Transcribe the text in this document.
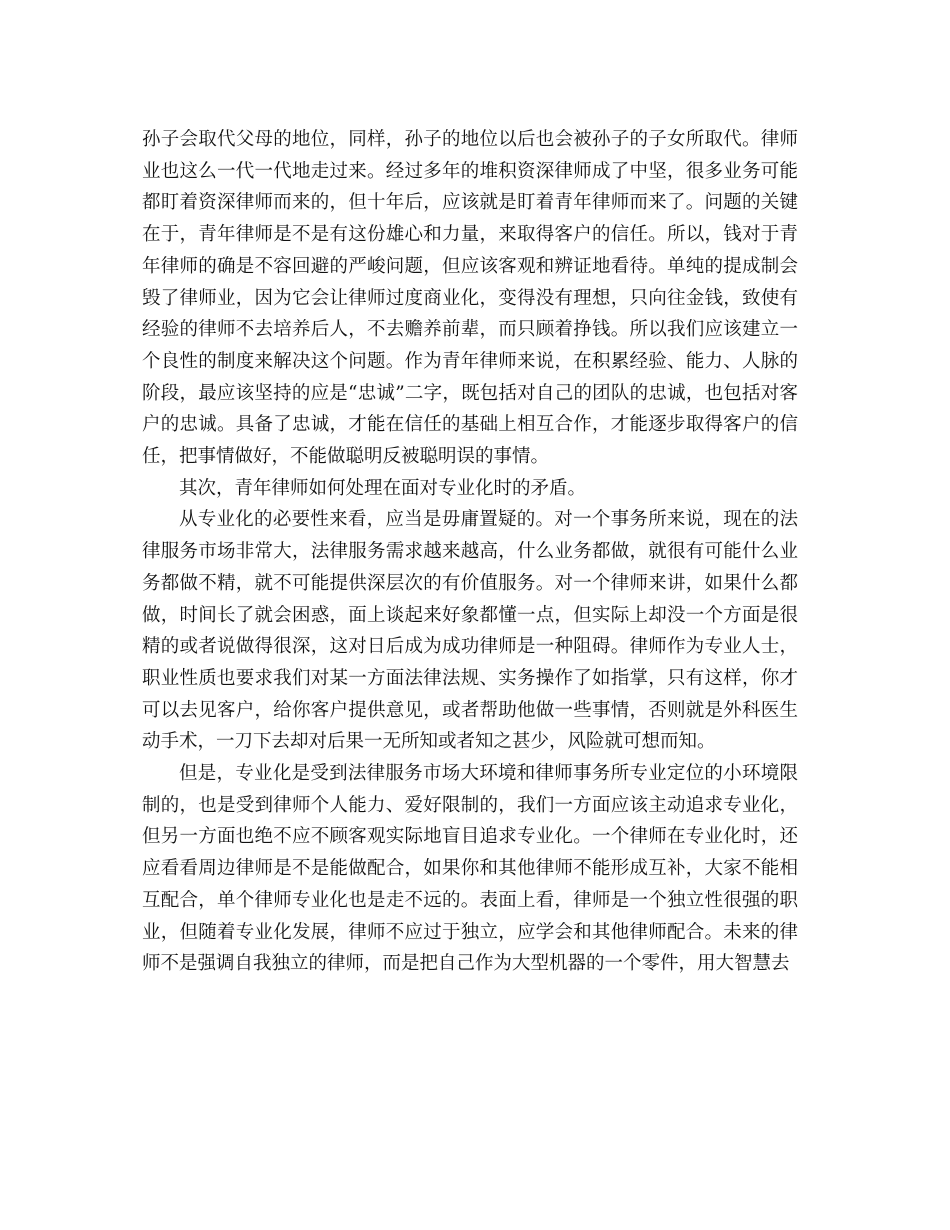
孙子会取代父母的地位，同样，孙子的地位以后也会被孙子的子女所取代。律师业也这么一代一代地走过来。经过多年的堆积资深律师成了中坚，很多业务可能都盯着资深律师而来的，但十年后，应该就是盯着青年律师而来了。问题的关键在于，青年律师是不是有这份雄心和力量，来取得客户的信任。所以，钱对于青年律师的确是不容回避的严峻问题，但应该客观和辨证地看待。单纯的提成制会毁了律师业，因为它会让律师过度商业化，变得没有理想，只向往金钱，致使有经验的律师不去培养后人，不去赡养前辈，而只顾着挣钱。所以我们应该建立一个良性的制度来解决这个问题。作为青年律师来说，在积累经验、能力、人脉的阶段，最应该坚持的应是“忠诚”二字，既包括对自己的团队的忠诚，也包括对客户的忠诚。具备了忠诚，才能在信任的基础上相互合作，才能逐步取得客户的信任，把事情做好，不能做聪明反被聪明误的事情。

其次，青年律师如何处理在面对专业化时的矛盾。

从专业化的必要性来看，应当是毋庸置疑的。对一个事务所来说，现在的法律服务市场非常大，法律服务需求越来越高，什么业务都做，就很有可能什么业务都做不精，就不可能提供深层次的有价值服务。对一个律师来讲，如果什么都做，时间长了就会困惑，面上谈起来好象都懂一点，但实际上却没一个方面是很精的或者说做得很深，这对日后成为成功律师是一种阻碍。律师作为专业人士，职业性质也要求我们对某一方面法律法规、实务操作了如指掌，只有这样，你才可以去见客户，给你客户提供意见，或者帮助他做一些事情，否则就是外科医生动手术，一刀下去却对后果一无所知或者知之甚少，风险就可想而知。

但是，专业化是受到法律服务市场大环境和律师事务所专业定位的小环境限制的，也是受到律师个人能力、爱好限制的，我们一方面应该主动追求专业化，但另一方面也绝不应不顾客观实际地盲目追求专业化。一个律师在专业化时，还应看看周边律师是不是能做配合，如果你和其他律师不能形成互补，大家不能相互配合，单个律师专业化也是走不远的。表面上看，律师是一个独立性很强的职业，但随着专业化发展，律师不应过于独立，应学会和其他律师配合。未来的律师不是强调自我独立的律师，而是把自己作为大型机器的一个零件，用大智慧去
